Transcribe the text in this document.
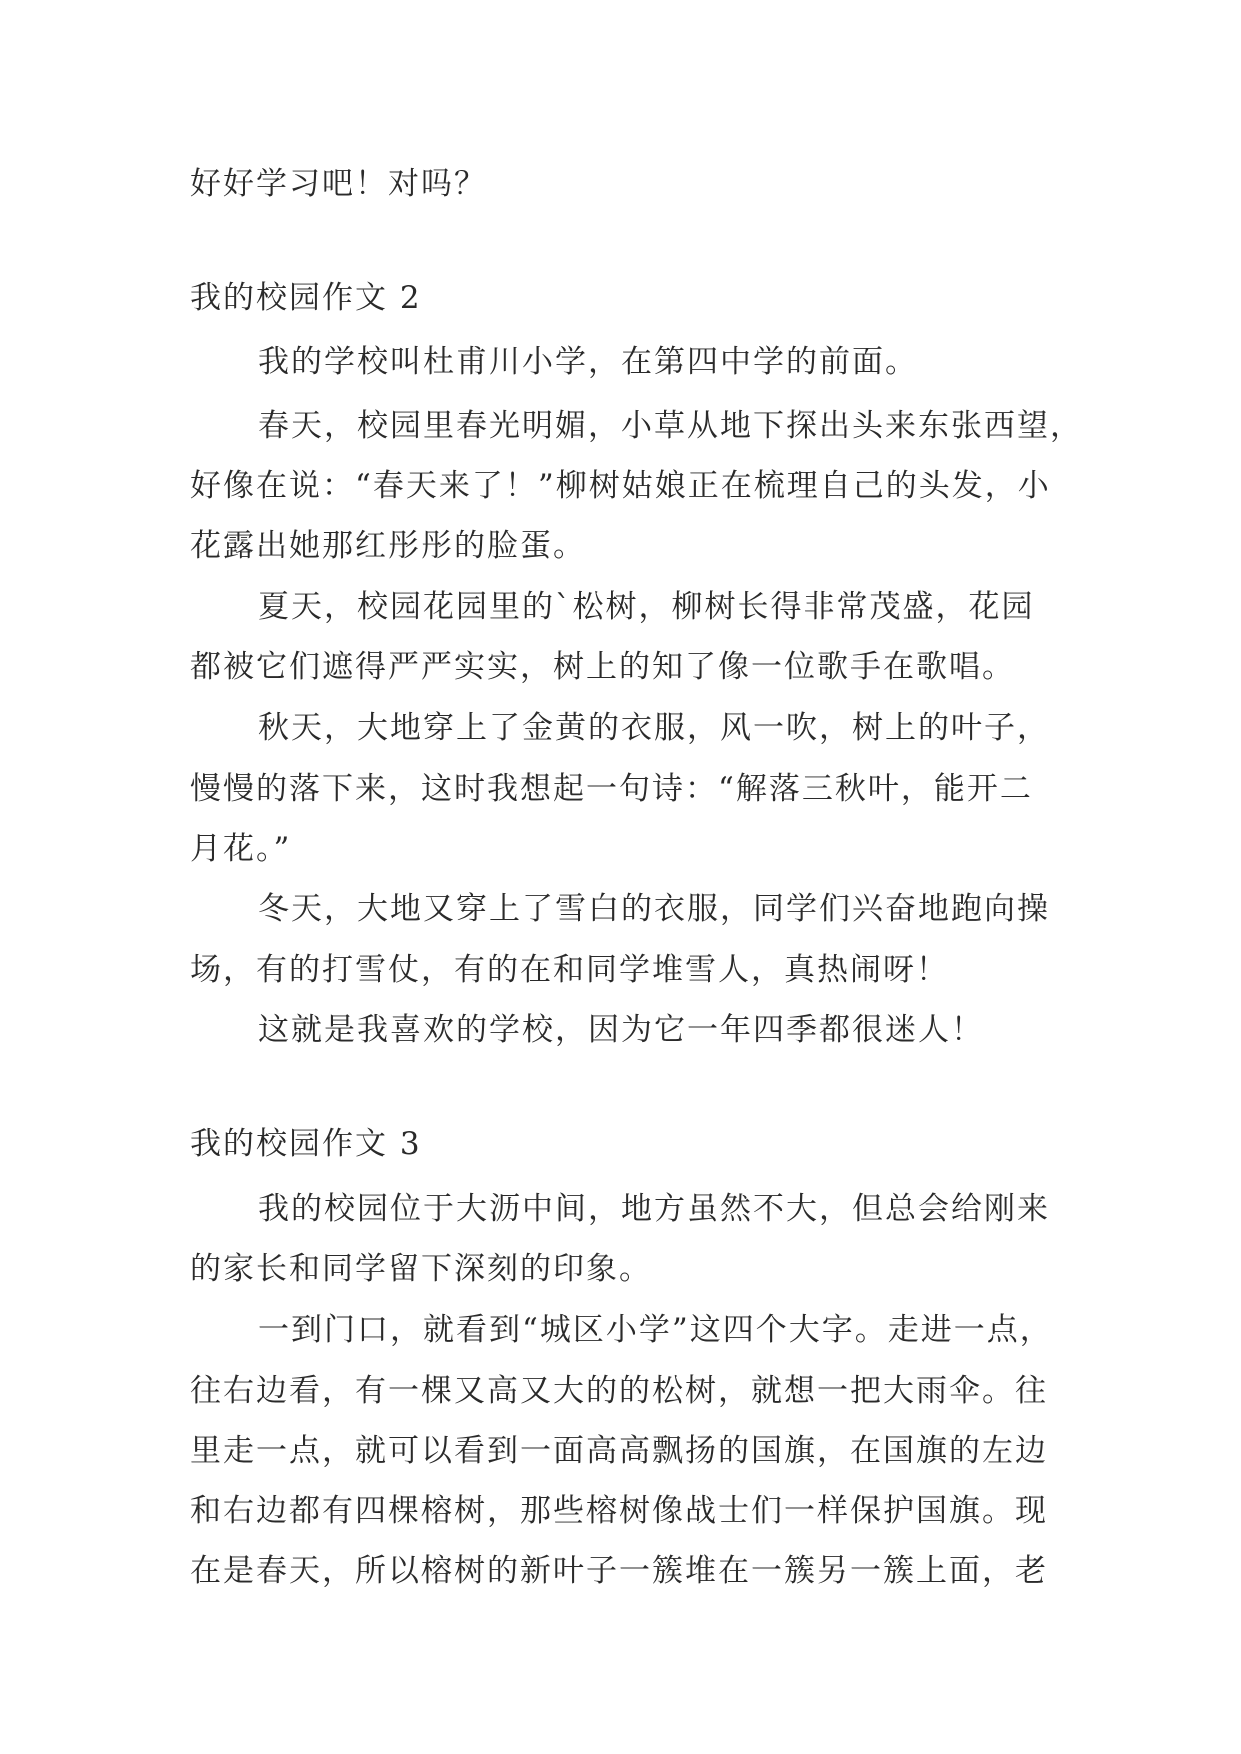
好好学习吧！对吗？
我的校园作文 2
我的学校叫杜甫川小学，在第四中学的前面。
春天，校园里春光明媚，小草从地下探出头来东张西望，
好像在说：“春天来了！”柳树姑娘正在梳理自己的头发，小
花露出她那红彤彤的脸蛋。
夏天，校园花园里的`松树，柳树长得非常茂盛，花园
都被它们遮得严严实实，树上的知了像一位歌手在歌唱。
秋天，大地穿上了金黄的衣服，风一吹，树上的叶子，
慢慢的落下来，这时我想起一句诗：“解落三秋叶，能开二
月花。”
冬天，大地又穿上了雪白的衣服，同学们兴奋地跑向操
场，有的打雪仗，有的在和同学堆雪人，真热闹呀！
这就是我喜欢的学校，因为它一年四季都很迷人！
我的校园作文 3
我的校园位于大沥中间，地方虽然不大，但总会给刚来
的家长和同学留下深刻的印象。
一到门口，就看到“城区小学”这四个大字。走进一点，
往右边看，有一棵又高又大的的松树，就想一把大雨伞。往
里走一点，就可以看到一面高高飘扬的国旗，在国旗的左边
和右边都有四棵榕树，那些榕树像战士们一样保护国旗。现
在是春天，所以榕树的新叶子一簇堆在一簇另一簇上面，老
